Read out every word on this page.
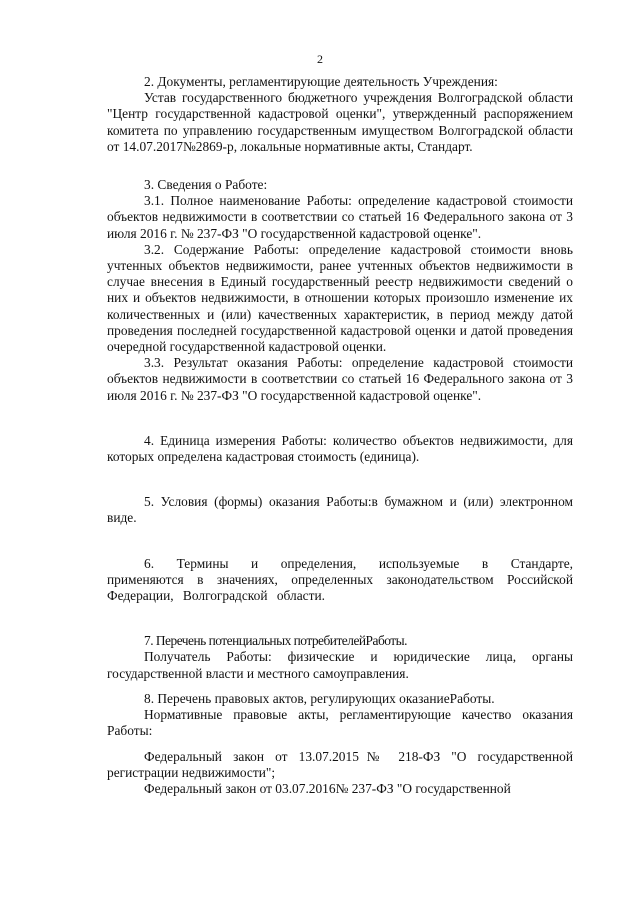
2

2. Документы, регламентирующие деятельность Учреждения:

Устав государственного бюджетного учреждения Волгоградской области "Центр государственной кадастровой оценки", утвержденный распоряжением комитета по управлению государственным имуществом Волгоградской области от 14.07.2017№2869-р, локальные нормативные акты, Стандарт.

3. Сведения о Работе:

3.1. Полное наименование Работы: определение кадастровой стоимости объектов недвижимости в соответствии со статьей 16 Федерального закона от 3 июля 2016 г. № 237-ФЗ "О государственной кадастровой оценке".

3.2. Содержание Работы: определение кадастровой стоимости вновь учтенных объектов недвижимости, ранее учтенных объектов недвижимости в случае внесения в Единый государственный реестр недвижимости сведений о них и объектов недвижимости, в отношении которых произошло изменение их количественных и (или) качественных характеристик, в период между датой проведения последней государственной кадастровой оценки и датой проведения очередной государственной кадастровой оценки.

3.3. Результат оказания Работы: определение кадастровой стоимости объектов недвижимости в соответствии со статьей 16 Федерального закона от 3 июля 2016 г. № 237-ФЗ "О государственной кадастровой оценке".

4. Единица измерения Работы: количество объектов недвижимости, для которых определена кадастровая стоимость (единица).

5. Условия (формы) оказания Работы:в бумажном и (или) электронном виде.

6. Термины и определения, используемые в Стандарте, применяются в значениях, определенных законодательством Российской Федерации, Волгоградской области.

7. Перечень потенциальных потребителейРаботы.

Получатель Работы: физические и юридические лица, органы государственной власти и местного самоуправления.

8. Перечень правовых актов, регулирующих оказаниеРаботы.

Нормативные правовые акты, регламентирующие качество оказания Работы:

Федеральный закон от 13.07.2015№ 218-ФЗ "О государственной регистрации недвижимости";

Федеральный закон от 03.07.2016№ 237-ФЗ "О государственной
